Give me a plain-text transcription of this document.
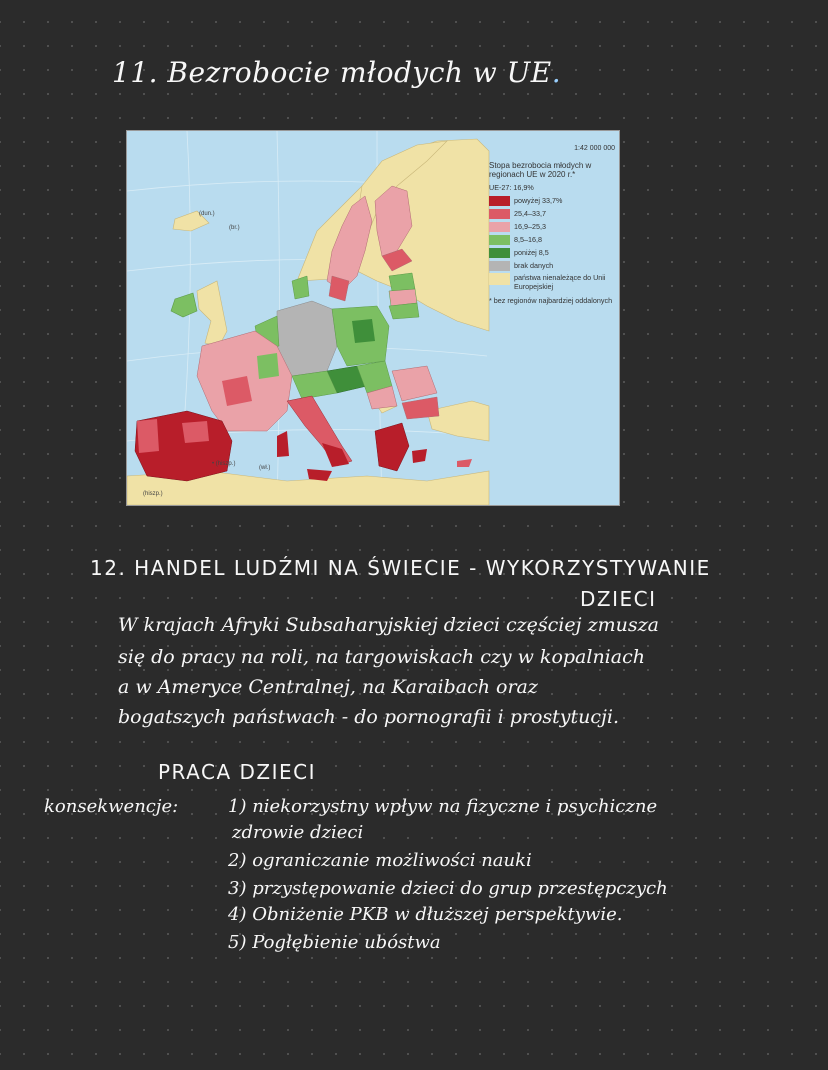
11. Bezrobocie młodych w UE.
(dun.)
(br.)
• (hiszp.)
(wł.)
(hiszp.)
1:42 000 000
Stopa bezrobocia młodych w regionach UE w 2020 r.*
UE-27: 16,9%
powyżej 33,7%
25,4–33,7
16,9–25,3
8,5–16,8
poniżej 8,5
brak danych
państwa nienależące do Unii Europejskiej
* bez regionów najbardziej oddalonych
12. HANDEL LUDŹMI NA ŚWIECIE - WYKORZYSTYWANIE
DZIECI
W krajach Afryki Subsaharyjskiej dzieci częściej zmusza
się do pracy na roli, na targowiskach czy w kopalniach
a w Ameryce Centralnej, na Karaibach oraz
bogatszych państwach - do pornografii i prostytucji.
PRACA DZIECI
konsekwencje:	1) niekorzystny wpływ na fizyczne i psychiczne
zdrowie dzieci
2) ograniczanie możliwości nauki
3) przystępowanie dzieci do grup przestępczych
4) Obniżenie PKB w dłuższej perspektywie.
5) Pogłębienie ubóstwa
